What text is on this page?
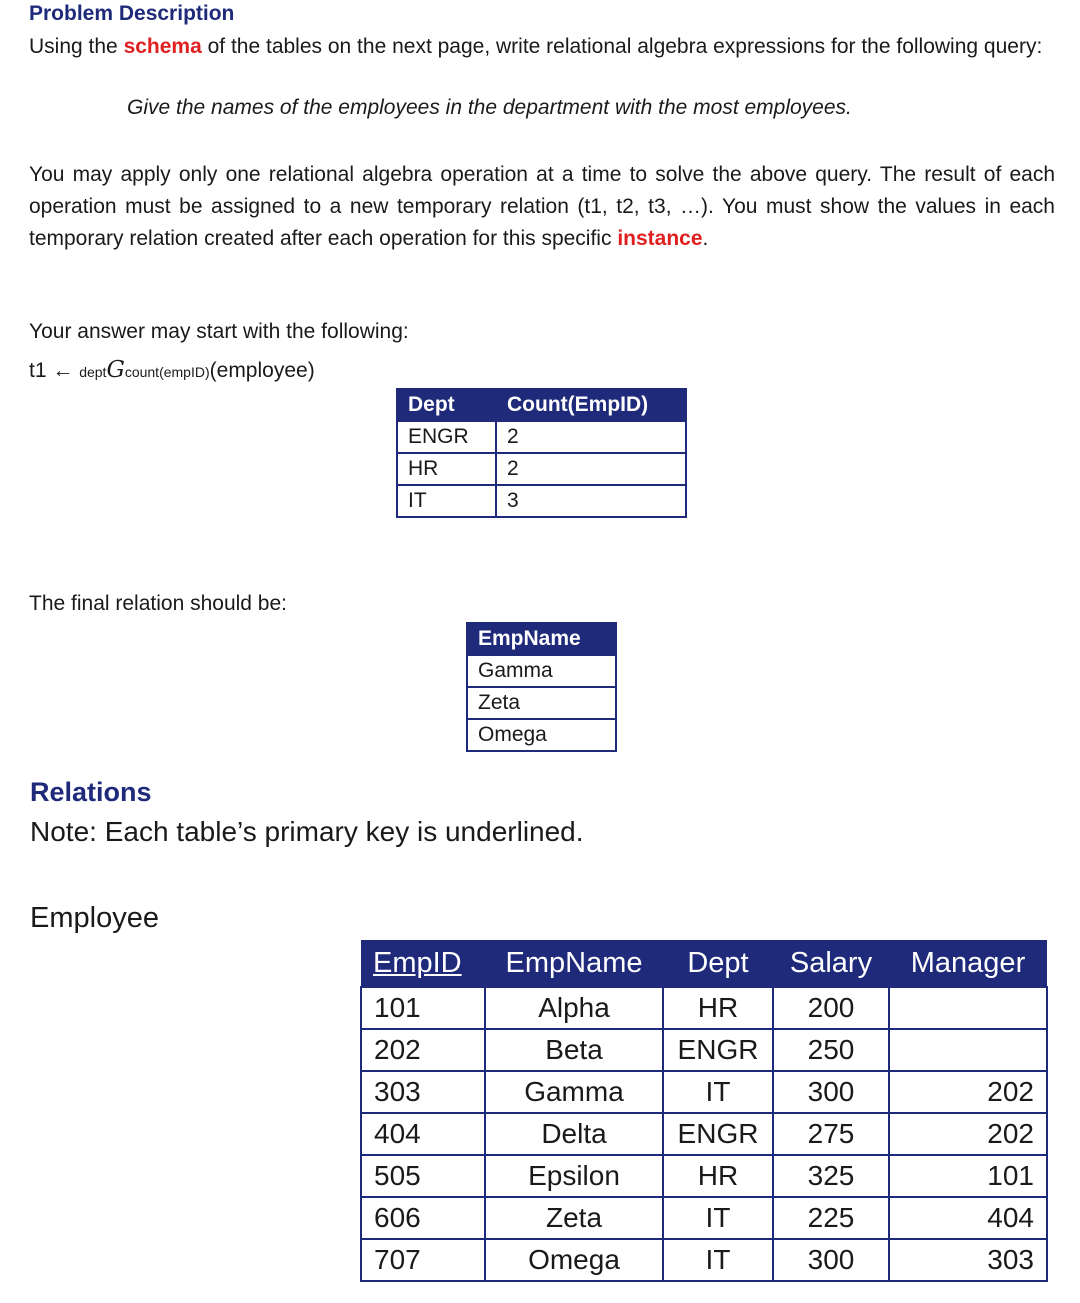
Problem Description

Using the schema of the tables on the next page, write relational algebra expressions for the following query:

Give the names of the employees in the department with the most employees.

You may apply only one relational algebra operation at a time to solve the above query. The result of each operation must be assigned to a new temporary relation (t1, t2, t3, …). You must show the values in each temporary relation created after each operation for this specific instance.

Your answer may start with the following:
t1 ← deptGcount(empID)(employee)
Dept	Count(EmpID)
ENGR	2
HR	2
IT	3
The final relation should be:
EmpName
Gamma
Zeta
Omega
Relations
Note: Each table’s primary key is underlined.
Employee
EmpID	EmpName	Dept	Salary	Manager
101	Alpha	HR	200	
202	Beta	ENGR	250	
303	Gamma	IT	300	202
404	Delta	ENGR	275	202
505	Epsilon	HR	325	101
606	Zeta	IT	225	404
707	Omega	IT	300	303
